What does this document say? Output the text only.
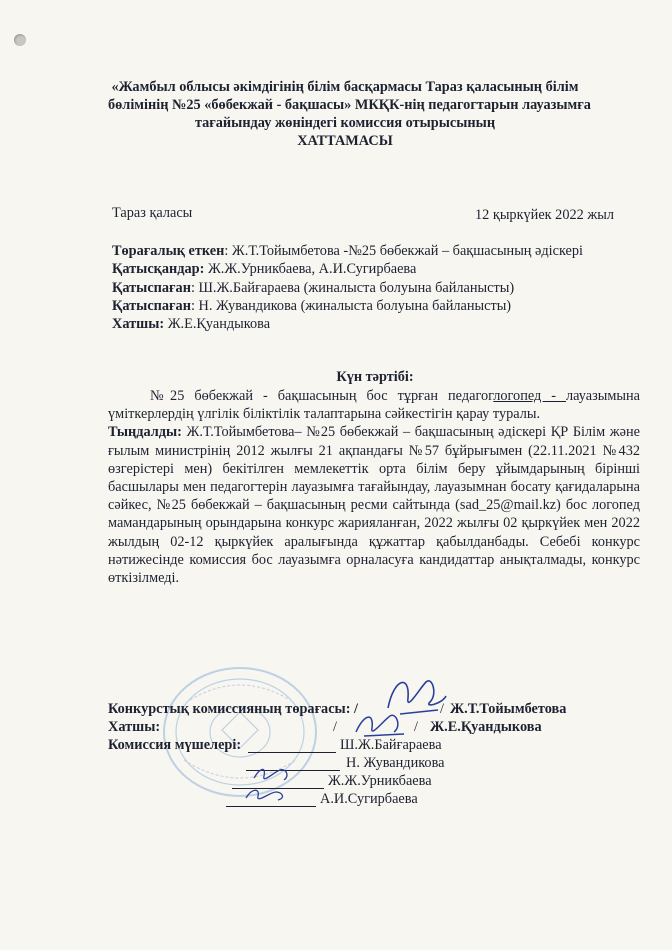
«Жамбыл облысы әкімдігінің білім басқармасы Тараз қаласының білім
бөлімінің №25 «бөбекжай - бақшасы» МКҚК-нің педагогтарын лауазымға
тағайындау жөніндегі комиссия отырысының
ХАТТАМАСЫ
Тараз қаласы	12 қыркүйек 2022 жыл
Төрағалық еткен: Ж.Т.Тойымбетова -№25 бөбекжай – бақшасының әдіскері
Қатысқандар: Ж.Ж.Урникбаева, А.И.Сугирбаева
Қатыспаған: Ш.Ж.Байғараева (жиналыста болуына байланысты)
Қатыспаған: Н. Жувандикова (жиналыста болуына байланысты)
Хатшы: Ж.Е.Қуандыкова
Күн тәртібі:

№25 бөбекжай - бақшасының бос тұрған педагоглогопед - лауазымына үміткерлердің үлгілік біліктілік талаптарына сәйкестігін қарау туралы.

Тыңдалды: Ж.Т.Тойымбетова– №25 бөбекжай – бақшасының әдіскері ҚР Білім және ғылым министрінің 2012 жылғы 21 ақпандағы №57 бұйрығымен (22.11.2021 №432 өзгерістері мен) бекітілген мемлекеттік орта білім беру ұйымдарының бірінші басшылары мен педагогтерін лауазымға тағайындау, лауазымнан босату қағидаларына сәйкес, №25 бөбекжай – бақшасының ресми сайтында (sad_25@mail.kz) бос логопед мамандарының орындарына конкурс жарияланған, 2022 жылғы 02 қыркүйек мен 2022 жылдың 02-12 қыркүйек аралығында құжаттар қабылданбады. Себебі конкурс нәтижесінде комиссия бос лауазымға орналасуға кандидаттар анықталмады, конкурс өткізілмеді.

Конкурстық комиссияның төрағасы: /	Ж.Т.Тойымбетова
/
Хатшы:	/	/ Ж.Е.Қуандыкова
Комиссия мүшелері:	Ш.Ж.Байғараева
Н. Жувандикова
Ж.Ж.Урникбаева
А.И.Сугирбаева
